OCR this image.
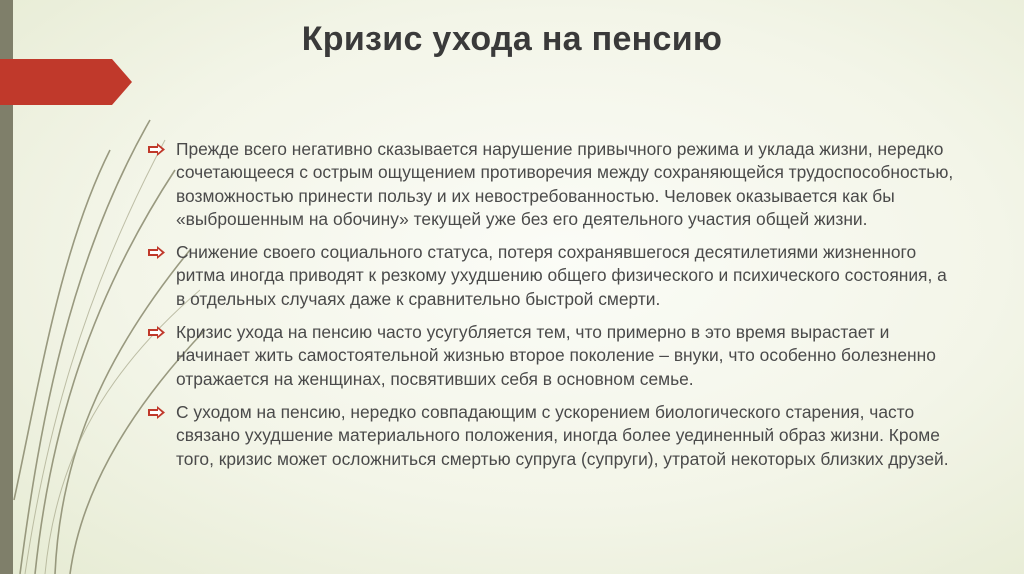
Кризис ухода на пенсию
Прежде всего негативно сказывается нарушение привычного режима и уклада жизни, нередко сочетающееся с острым ощущением противоречия между сохраняющейся трудоспособностью, возможностью принести пользу и их невостребованностью. Человек оказывается как бы «выброшенным на обочину» текущей уже без его деятельного участия общей жизни.
Снижение своего социального статуса, потеря сохранявшегося десятилетиями жизненного ритма иногда приводят к резкому ухудшению общего физического и психического состояния, а в отдельных случаях даже к сравнительно быстрой смерти.
Кризис ухода на пенсию часто усугубляется тем, что примерно в это время вырастает и начинает жить самостоятельной жизнью второе поколение – внуки, что особенно болезненно отражается на женщинах, посвятивших себя в основном семье.
С уходом на пенсию, нередко совпадающим с ускорением биологического старения, часто связано ухудшение материального положения, иногда более уединенный образ жизни. Кроме того, кризис может осложниться смертью супруга (супруги), утратой некоторых близких друзей.
